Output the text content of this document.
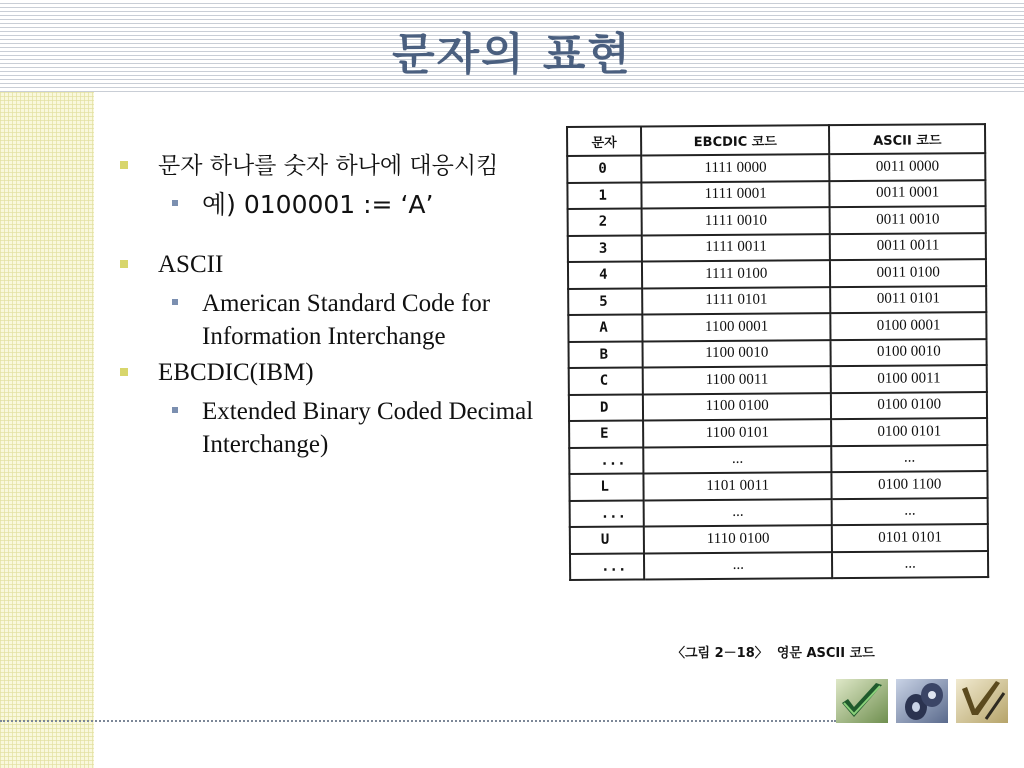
문자의 표현
문자 하나를 숫자 하나에 대응시킴
예) 0100001 := ‘A’
ASCII
American Standard Code for Information Interchange
EBCDIC(IBM)
Extended Binary Coded Decimal Interchange)
문자	EBCDIC 코드	ASCII 코드
0	1111 0000	0011 0000
1	1111 0001	0011 0001
2	1111 0010	0011 0010
3	1111 0011	0011 0011
4	1111 0100	0011 0100
5	1111 0101	0011 0101
A	1100 0001	0100 0001
B	1100 0010	0100 0010
C	1100 0011	0100 0011
D	1100 0100	0100 0100
E	1100 0101	0100 0101
...	...	...
L	1101 0011	0100 1100
...	...	...
U	1110 0100	0101 0101
...	...	...
〈그림 2－18〉  영문 ASCII 코드
